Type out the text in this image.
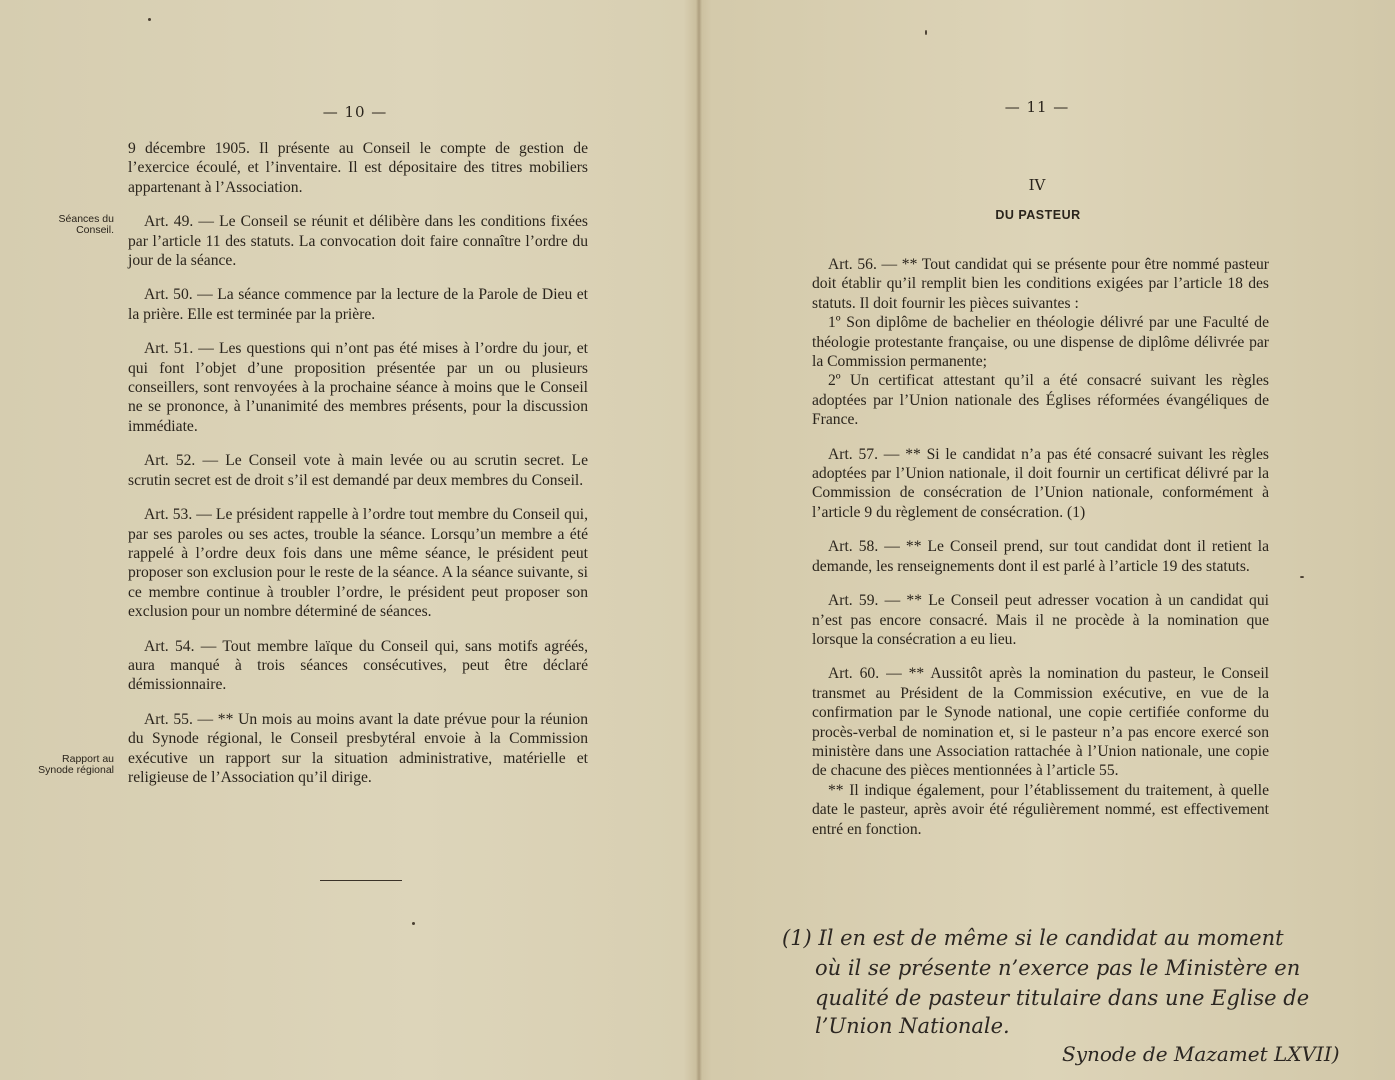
— 10 —
Séances du Conseil.
Rapport au Synode régional

9 décembre 1905. Il présente au Conseil le compte de gestion de l’exercice écoulé, et l’inventaire. Il est dépositaire des titres mobiliers appartenant à l’Association.

Art. 49. — Le Conseil se réunit et délibère dans les conditions fixées par l’article 11 des statuts. La convocation doit faire connaître l’ordre du jour de la séance.

Art. 50. — La séance commence par la lecture de la Parole de Dieu et la prière. Elle est terminée par la prière.

Art. 51. — Les questions qui n’ont pas été mises à l’ordre du jour, et qui font l’objet d’une proposition présentée par un ou plusieurs conseillers, sont renvoyées à la prochaine séance à moins que le Conseil ne se prononce, à l’unanimité des membres présents, pour la discussion immédiate.

Art. 52. — Le Conseil vote à main levée ou au scrutin secret. Le scrutin secret est de droit s’il est demandé par deux membres du Conseil.

Art. 53. — Le président rappelle à l’ordre tout membre du Conseil qui, par ses paroles ou ses actes, trouble la séance. Lorsqu’un membre a été rappelé à l’ordre deux fois dans une même séance, le président peut proposer son exclusion pour le reste de la séance. A la séance suivante, si ce membre continue à troubler l’ordre, le président peut proposer son exclusion pour un nombre déterminé de séances.

Art. 54. — Tout membre laïque du Conseil qui, sans motifs agréés, aura manqué à trois séances consécutives, peut être déclaré démissionnaire.

Art. 55. — ** Un mois au moins avant la date prévue pour la réunion du Synode régional, le Conseil presbytéral envoie à la Commission exécutive un rapport sur la situation administrative, matérielle et religieuse de l’Association qu’il dirige.

— 11 —
IV
DU PASTEUR

Art. 56. — ** Tout candidat qui se présente pour être nommé pasteur doit établir qu’il remplit bien les conditions exigées par l’article 18 des statuts. Il doit fournir les pièces suivantes :

1º Son diplôme de bachelier en théologie délivré par une Faculté de théologie protestante française, ou une dispense de diplôme délivrée par la Commission permanente;

2º Un certificat attestant qu’il a été consacré suivant les règles adoptées par l’Union nationale des Églises réformées évangéliques de France.

Art. 57. — ** Si le candidat n’a pas été consacré suivant les règles adoptées par l’Union nationale, il doit fournir un certificat délivré par la Commission de consécration de l’Union nationale, conformément à l’article 9 du règlement de consécration. (1)

Art. 58. — ** Le Conseil prend, sur tout candidat dont il retient la demande, les renseignements dont il est parlé à l’article 19 des statuts.

Art. 59. — ** Le Conseil peut adresser vocation à un candidat qui n’est pas encore consacré. Mais il ne procède à la nomination que lorsque la consécration a eu lieu.

Art. 60. — ** Aussitôt après la nomination du pasteur, le Conseil transmet au Président de la Commission exécutive, en vue de la confirmation par le Synode national, une copie certifiée conforme du procès-verbal de nomination et, si le pasteur n’a pas encore exercé son ministère dans une Association rattachée à l’Union nationale, une copie de chacune des pièces mentionnées à l’article 55.

** Il indique également, pour l’établissement du traitement, à quelle date le pasteur, après avoir été régulièrement nommé, est effectivement entré en fonction.

(1) Il en est de même si le candidat au moment
où il se présente n’exerce pas le Ministère en
qualité de pasteur titulaire dans une Eglise de
l’Union Nationale.
Synode de Mazamet LXVII)
